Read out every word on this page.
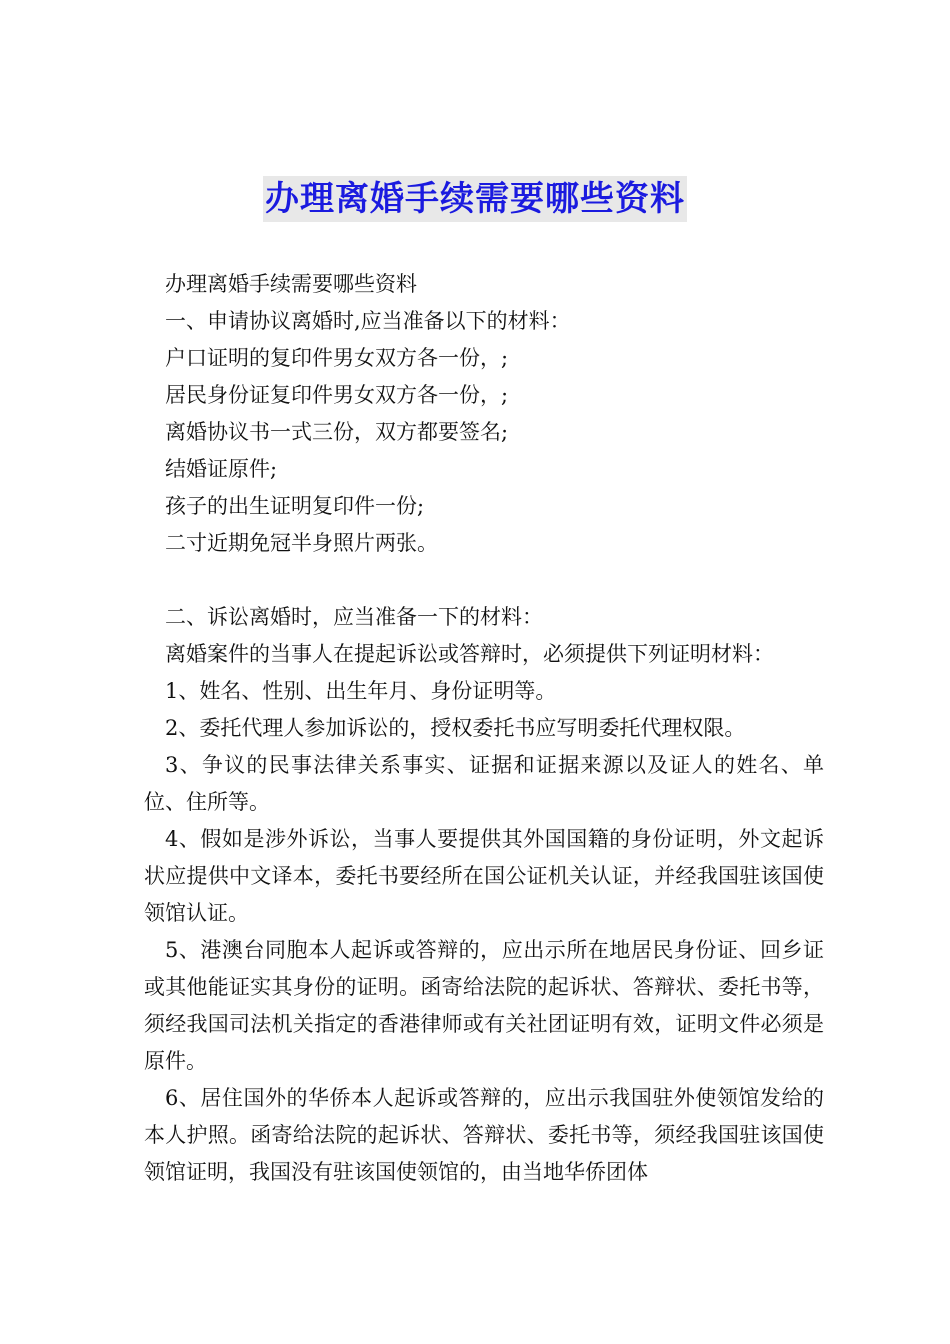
办理离婚手续需要哪些资料

办理离婚手续需要哪些资料

一、申请协议离婚时,应当准备以下的材料：

户口证明的复印件男女双方各一份，;

居民身份证复印件男女双方各一份，;

离婚协议书一式三份，双方都要签名;

结婚证原件;

孩子的出生证明复印件一份;

二寸近期免冠半身照片两张。

二、诉讼离婚时，应当准备一下的材料：

离婚案件的当事人在提起诉讼或答辩时，必须提供下列证明材料：

1、姓名、性别、出生年月、身份证明等。

2、委托代理人参加诉讼的，授权委托书应写明委托代理权限。

3、争议的民事法律关系事实、证据和证据来源以及证人的姓名、单位、住所等。

4、假如是涉外诉讼，当事人要提供其外国国籍的身份证明，外文起诉状应提供中文译本，委托书要经所在国公证机关认证，并经我国驻该国使领馆认证。

5、港澳台同胞本人起诉或答辩的，应出示所在地居民身份证、回乡证或其他能证实其身份的证明。函寄给法院的起诉状、答辩状、委托书等，须经我国司法机关指定的香港律师或有关社团证明有效，证明文件必须是原件。

6、居住国外的华侨本人起诉或答辩的，应出示我国驻外使领馆发给的本人护照。函寄给法院的起诉状、答辩状、委托书等，须经我国驻该国使领馆证明，我国没有驻该国使领馆的，由当地华侨团体
